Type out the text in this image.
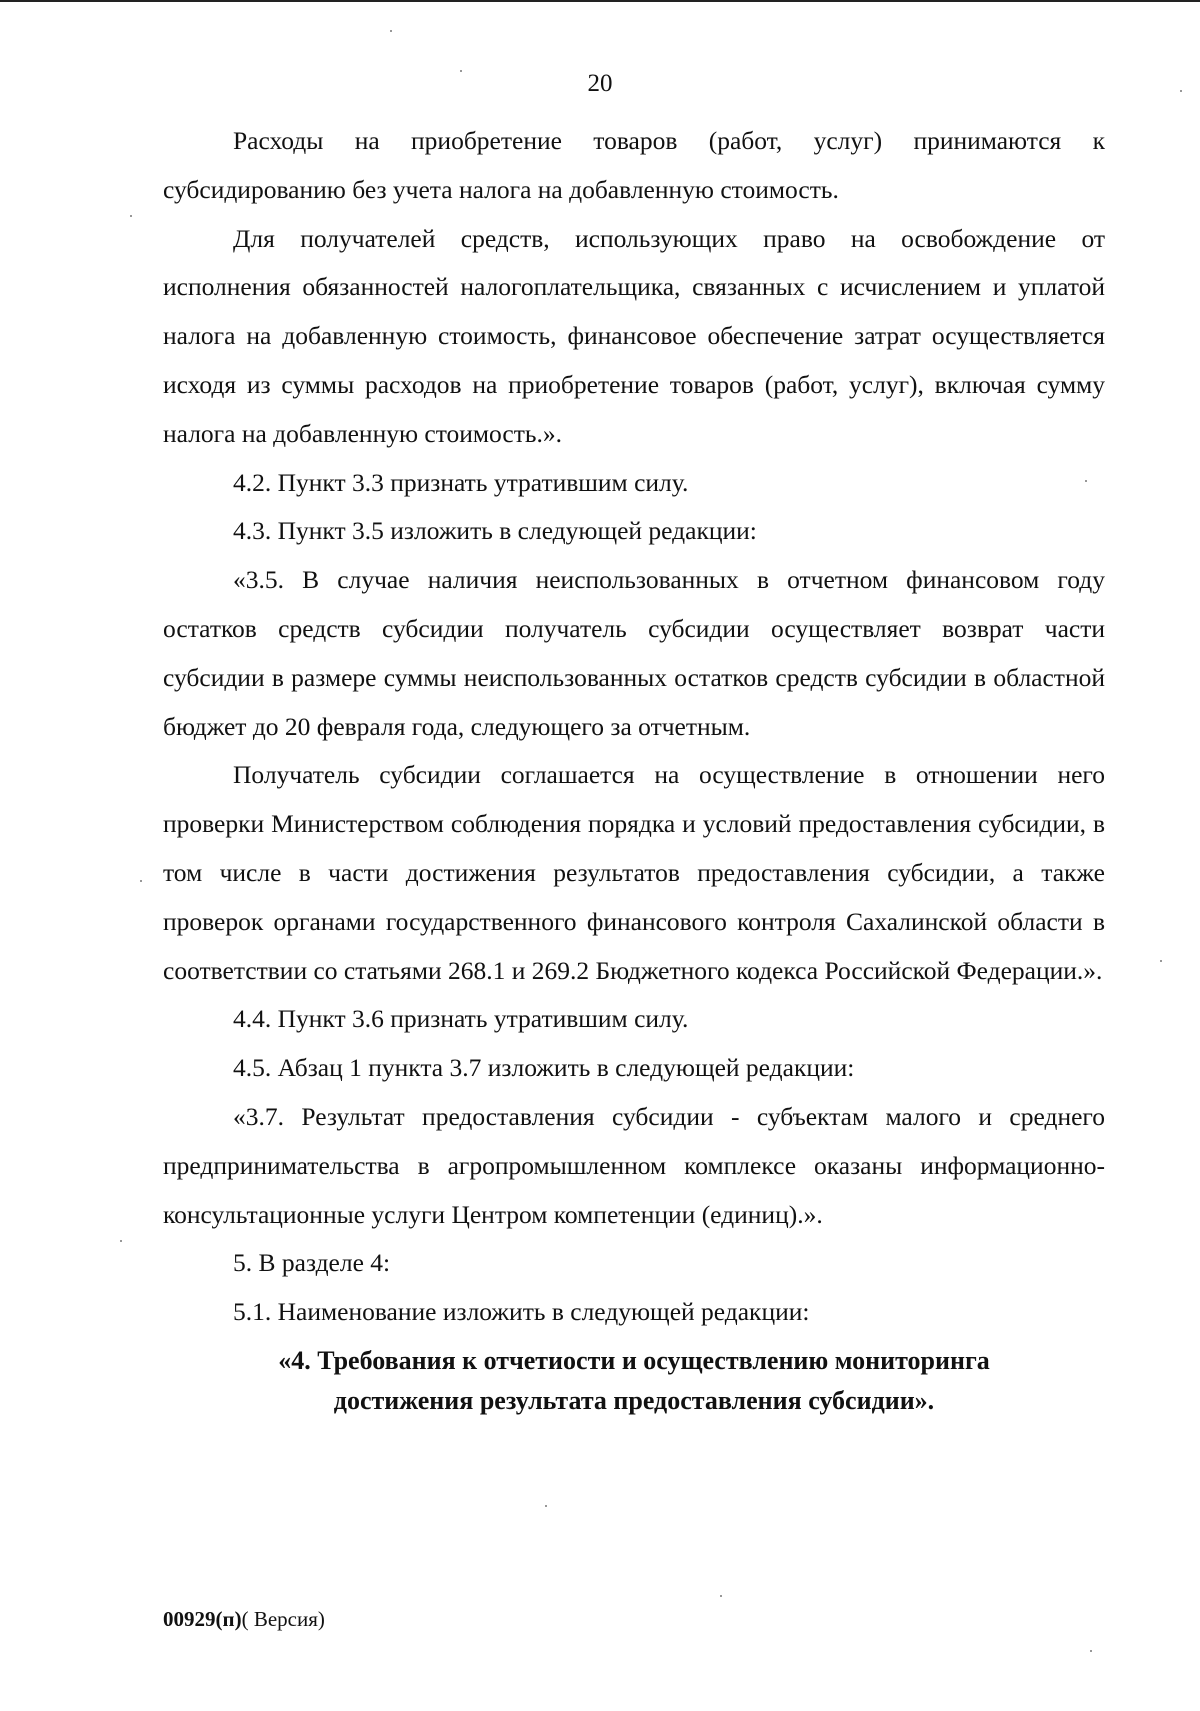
20

Расходы на приобретение товаров (работ, услуг) принимаются к субсидированию без учета налога на добавленную стоимость.

Для получателей средств, использующих право на освобождение от исполнения обязанностей налогоплательщика, связанных с исчислением и уплатой налога на добавленную стоимость, финансовое обеспечение затрат осуществляется исходя из суммы расходов на приобретение товаров (работ, услуг), включая сумму налога на добавленную стоимость.».

4.2. Пункт 3.3 признать утратившим силу.

4.3. Пункт 3.5 изложить в следующей редакции:

«3.5. В случае наличия неиспользованных в отчетном финансовом году остатков средств субсидии получатель субсидии осуществляет возврат части субсидии в размере суммы неиспользованных остатков средств субсидии в областной бюджет до 20 февраля года, следующего за отчетным.

Получатель субсидии соглашается на осуществление в отношении него проверки Министерством соблюдения порядка и условий предоставления субсидии, в том числе в части достижения результатов предоставления субсидии, а также проверок органами государственного финансового контроля Сахалинской области в соответствии со статьями 268.1 и 269.2 Бюджетного кодекса Российской Федерации.».

4.4. Пункт 3.6 признать утратившим силу.

4.5. Абзац 1 пункта 3.7 изложить в следующей редакции:

«3.7. Результат предоставления субсидии - субъектам малого и среднего предпринимательства в агропромышленном комплексе оказаны информационно-консультационные услуги Центром компетенции (единиц).».

5. В разделе 4:

5.1. Наименование изложить в следующей редакции:

«4. Требования к отчетиости и осуществлению мониторинга
достижения результата предоставления субсидии».

00929(п)( Версия)
